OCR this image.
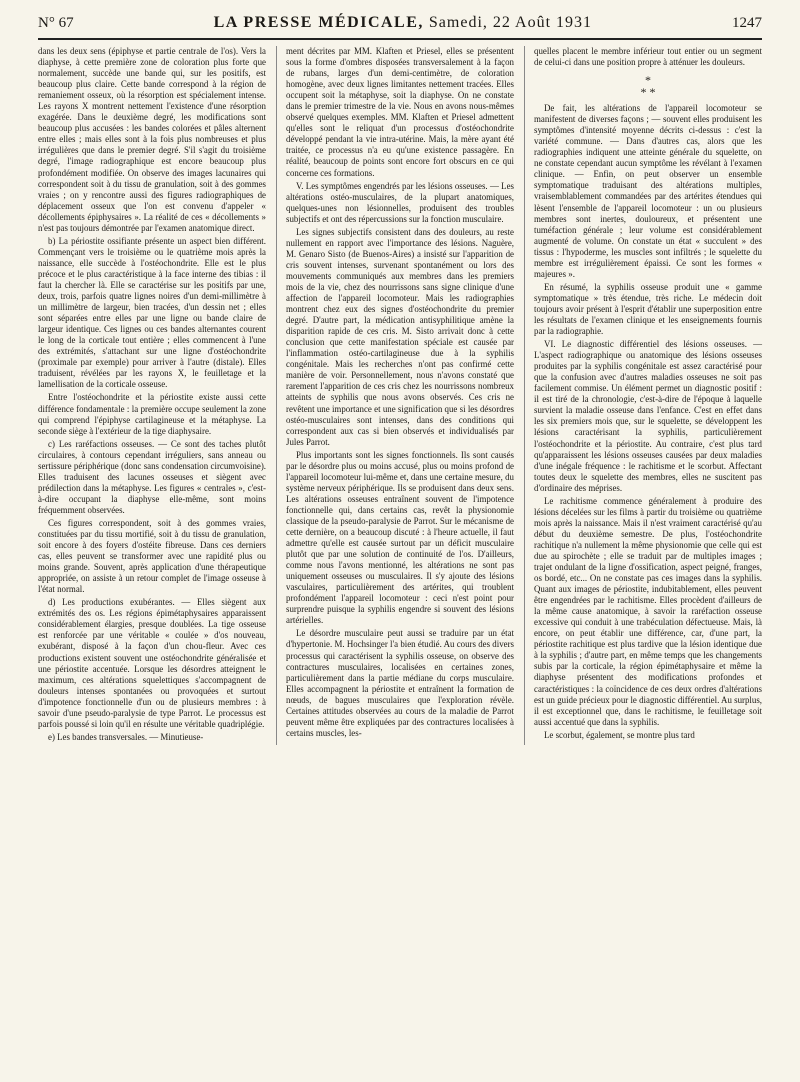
N° 67	LA PRESSE MÉDICALE, Samedi, 22 Août 1931	1247

dans les deux sens (épiphyse et partie centrale de l'os). Vers la diaphyse, à cette première zone de coloration plus forte que normalement, succède une bande qui, sur les positifs, est beaucoup plus claire. Cette bande correspond à la région de remaniement osseux, où la résorption est spécialement intense. Les rayons X montrent nettement l'existence d'une résorption exagérée. Dans le deuxième degré, les modifications sont beaucoup plus accusées : les bandes colorées et pâles alternent entre elles ; mais elles sont à la fois plus nombreuses et plus irrégulières que dans le premier degré. S'il s'agit du troisième degré, l'image radiographique est encore beaucoup plus profondément modifiée. On observe des images lacunaires qui correspondent soit à du tissu de granulation, soit à des gommes vraies ; on y rencontre aussi des figures radiographiques de déplacement osseux que l'on est convenu d'appeler « décollements épiphysaires ». La réalité de ces « décollements » n'est pas toujours démontrée par l'examen anatomique direct.

b) La périostite ossifiante présente un aspect bien différent. Commençant vers le troisième ou le quatrième mois après la naissance, elle succède à l'ostéochondrite. Elle est le plus précoce et le plus caractéristique à la face interne des tibias : il faut la chercher là. Elle se caractérise sur les positifs par une, deux, trois, parfois quatre lignes noires d'un demi-millimètre à un millimètre de largeur, bien tracées, d'un dessin net ; elles sont séparées entre elles par une ligne ou bande claire de largeur identique. Ces lignes ou ces bandes alternantes courent le long de la corticale tout entière ; elles commencent à l'une des extrémités, s'attachant sur une ligne d'ostéochondrite (proximale par exemple) pour arriver à l'autre (distale). Elles traduisent, révélées par les rayons X, le feuilletage et la lamellisation de la corticale osseuse.

Entre l'ostéochondrite et la périostite existe aussi cette différence fondamentale : la première occupe seulement la zone qui comprend l'épiphyse cartilagineuse et la métaphyse. La seconde siège à l'extérieur de la tige diaphysaire.

c) Les raréfactions osseuses. — Ce sont des taches plutôt circulaires, à contours cependant irréguliers, sans anneau ou sertissure périphérique (donc sans condensation circumvoisine). Elles traduisent des lacunes osseuses et siègent avec prédilection dans la métaphyse. Les figures « centrales », c'est-à-dire occupant la diaphyse elle-même, sont moins fréquemment observées.

Ces figures correspondent, soit à des gommes vraies, constituées par du tissu mortifié, soit à du tissu de granulation, soit encore à des foyers d'ostéite fibreuse. Dans ces derniers cas, elles peuvent se transformer avec une rapidité plus ou moins grande. Souvent, après application d'une thérapeutique appropriée, on assiste à un retour complet de l'image osseuse à l'état normal.

d) Les productions exubérantes. — Elles siègent aux extrémités des os. Les régions épimétaphysaires apparaissent considérablement élargies, presque doublées. La tige osseuse est renforcée par une véritable « coulée » d'os nouveau, exubérant, disposé à la façon d'un chou-fleur. Avec ces productions existent souvent une ostéochondrite généralisée et une périostite accentuée. Lorsque les désordres atteignent le maximum, ces altérations squelettiques s'accompagnent de douleurs intenses spontanées ou provoquées et surtout d'impotence fonctionnelle d'un ou de plusieurs membres : à savoir d'une pseudo-paralysie de type Parrot. Le processus est parfois poussé si loin qu'il en résulte une véritable quadriplégie.

e) Les bandes transversales. — Minutieuse-

ment décrites par MM. Klaften et Priesel, elles se présentent sous la forme d'ombres disposées transversalement à la façon de rubans, larges d'un demi-centimètre, de coloration homogène, avec deux lignes limitantes nettement tracées. Elles occupent soit la métaphyse, soit la diaphyse. On ne constate dans le premier trimestre de la vie. Nous en avons nous-mêmes observé quelques exemples. MM. Klaften et Priesel admettent qu'elles sont le reliquat d'un processus d'ostéochondrite développé pendant la vie intra-utérine. Mais, la mère ayant été traitée, ce processus n'a eu qu'une existence passagère. En réalité, beaucoup de points sont encore fort obscurs en ce qui concerne ces formations.

V. Les symptômes engendrés par les lésions osseuses. — Les altérations ostéo-musculaires, de la plupart anatomiques, quelques-unes non lésionnelles, produisent des troubles subjectifs et ont des répercussions sur la fonction musculaire.

Les signes subjectifs consistent dans des douleurs, au reste nullement en rapport avec l'importance des lésions. Naguère, M. Genaro Sisto (de Buenos-Aires) a insisté sur l'apparition de cris souvent intenses, survenant spontanément ou lors des mouvements communiqués aux membres dans les premiers mois de la vie, chez des nourrissons sans signe clinique d'une affection de l'appareil locomoteur. Mais les radiographies montrent chez eux des signes d'ostéochondrite du premier degré. D'autre part, la médication antisyphilitique amène la disparition rapide de ces cris. M. Sisto arrivait donc à cette conclusion que cette manifestation spéciale est causée par l'inflammation ostéo-cartilagineuse due à la syphilis congénitale. Mais les recherches n'ont pas confirmé cette manière de voir. Personnellement, nous n'avons constaté que rarement l'apparition de ces cris chez les nourrissons nombreux atteints de syphilis que nous avons observés. Ces cris ne revêtent une importance et une signification que si les désordres ostéo-musculaires sont intenses, dans des conditions qui correspondent aux cas si bien observés et individualisés par Jules Parrot.

Plus importants sont les signes fonctionnels. Ils sont causés par le désordre plus ou moins accusé, plus ou moins profond de l'appareil locomoteur lui-même et, dans une certaine mesure, du système nerveux périphérique. Ils se produisent dans deux sens. Les altérations osseuses entraînent souvent de l'impotence fonctionnelle qui, dans certains cas, revêt la physionomie classique de la pseudo-paralysie de Parrot. Sur le mécanisme de cette dernière, on a beaucoup discuté : à l'heure actuelle, il faut admettre qu'elle est causée surtout par un déficit musculaire plutôt que par une solution de continuité de l'os. D'ailleurs, comme nous l'avons mentionné, les altérations ne sont pas uniquement osseuses ou musculaires. Il s'y ajoute des lésions vasculaires, particulièrement des artérites, qui troublent profondément l'appareil locomoteur : ceci n'est point pour surprendre puisque la syphilis engendre si souvent des lésions artérielles.

Le désordre musculaire peut aussi se traduire par un état d'hypertonie. M. Hochsinger l'a bien étudié. Au cours des divers processus qui caractérisent la syphilis osseuse, on observe des contractures musculaires, localisées en certaines zones, particulièrement dans la partie médiane du corps musculaire. Elles accompagnent la périostite et entraînent la formation de nœuds, de bagues musculaires que l'exploration révèle. Certaines attitudes observées au cours de la maladie de Parrot peuvent même être expliquées par des contractures localisées à certains muscles, les-

quelles placent le membre inférieur tout entier ou un segment de celui-ci dans une position propre à atténuer les douleurs.

*
* *

De fait, les altérations de l'appareil locomoteur se manifestent de diverses façons ; — souvent elles produisent les symptômes d'intensité moyenne décrits ci-dessus : c'est la variété commune. — Dans d'autres cas, alors que les radiographies indiquent une atteinte générale du squelette, on ne constate cependant aucun symptôme les révélant à l'examen clinique. — Enfin, on peut observer un ensemble symptomatique traduisant des altérations multiples, vraisemblablement commandées par des artérites étendues qui lèsent l'ensemble de l'appareil locomoteur : un ou plusieurs membres sont inertes, douloureux, et présentent une tuméfaction générale ; leur volume est considérablement augmenté de volume. On constate un état « succulent » des tissus : l'hypoderme, les muscles sont infiltrés ; le squelette du membre est irrégulièrement épaissi. Ce sont les formes « majeures ».

En résumé, la syphilis osseuse produit une « gamme symptomatique » très étendue, très riche. Le médecin doit toujours avoir présent à l'esprit d'établir une superposition entre les résultats de l'examen clinique et les enseignements fournis par la radiographie.

VI. Le diagnostic différentiel des lésions osseuses. — L'aspect radiographique ou anatomique des lésions osseuses produites par la syphilis congénitale est assez caractérisé pour que la confusion avec d'autres maladies osseuses ne soit pas facilement commise. Un élément permet un diagnostic positif : il est tiré de la chronologie, c'est-à-dire de l'époque à laquelle survient la maladie osseuse dans l'enfance. C'est en effet dans les six premiers mois que, sur le squelette, se développent les lésions caractérisant la syphilis, particulièrement l'ostéochondrite et la périostite. Au contraire, c'est plus tard qu'apparaissent les lésions osseuses causées par deux maladies d'une inégale fréquence : le rachitisme et le scorbut. Affectant toutes deux le squelette des membres, elles ne suscitent pas d'ordinaire des méprises.

Le rachitisme commence généralement à produire des lésions décelées sur les films à partir du troisième ou quatrième mois après la naissance. Mais il n'est vraiment caractérisé qu'au début du deuxième semestre. De plus, l'ostéochondrite rachitique n'a nullement la même physionomie que celle qui est due au spirochète ; elle se traduit par de multiples images ; trajet ondulant de la ligne d'ossification, aspect peigné, franges, os bordé, etc... On ne constate pas ces images dans la syphilis. Quant aux images de périostite, indubitablement, elles peuvent être engendrées par le rachitisme. Elles procèdent d'ailleurs de la même cause anatomique, à savoir la raréfaction osseuse excessive qui conduit à une trabéculation défectueuse. Mais, là encore, on peut établir une différence, car, d'une part, la périostite rachitique est plus tardive que la lésion identique due à la syphilis ; d'autre part, en même temps que les changements subis par la corticale, la région épimétaphysaire et même la diaphyse présentent des modifications profondes et caractéristiques : la coïncidence de ces deux ordres d'altérations est un guide précieux pour le diagnostic différentiel. Au surplus, il est exceptionnel que, dans le rachitisme, le feuilletage soit aussi accentué que dans la syphilis.

Le scorbut, également, se montre plus tard
